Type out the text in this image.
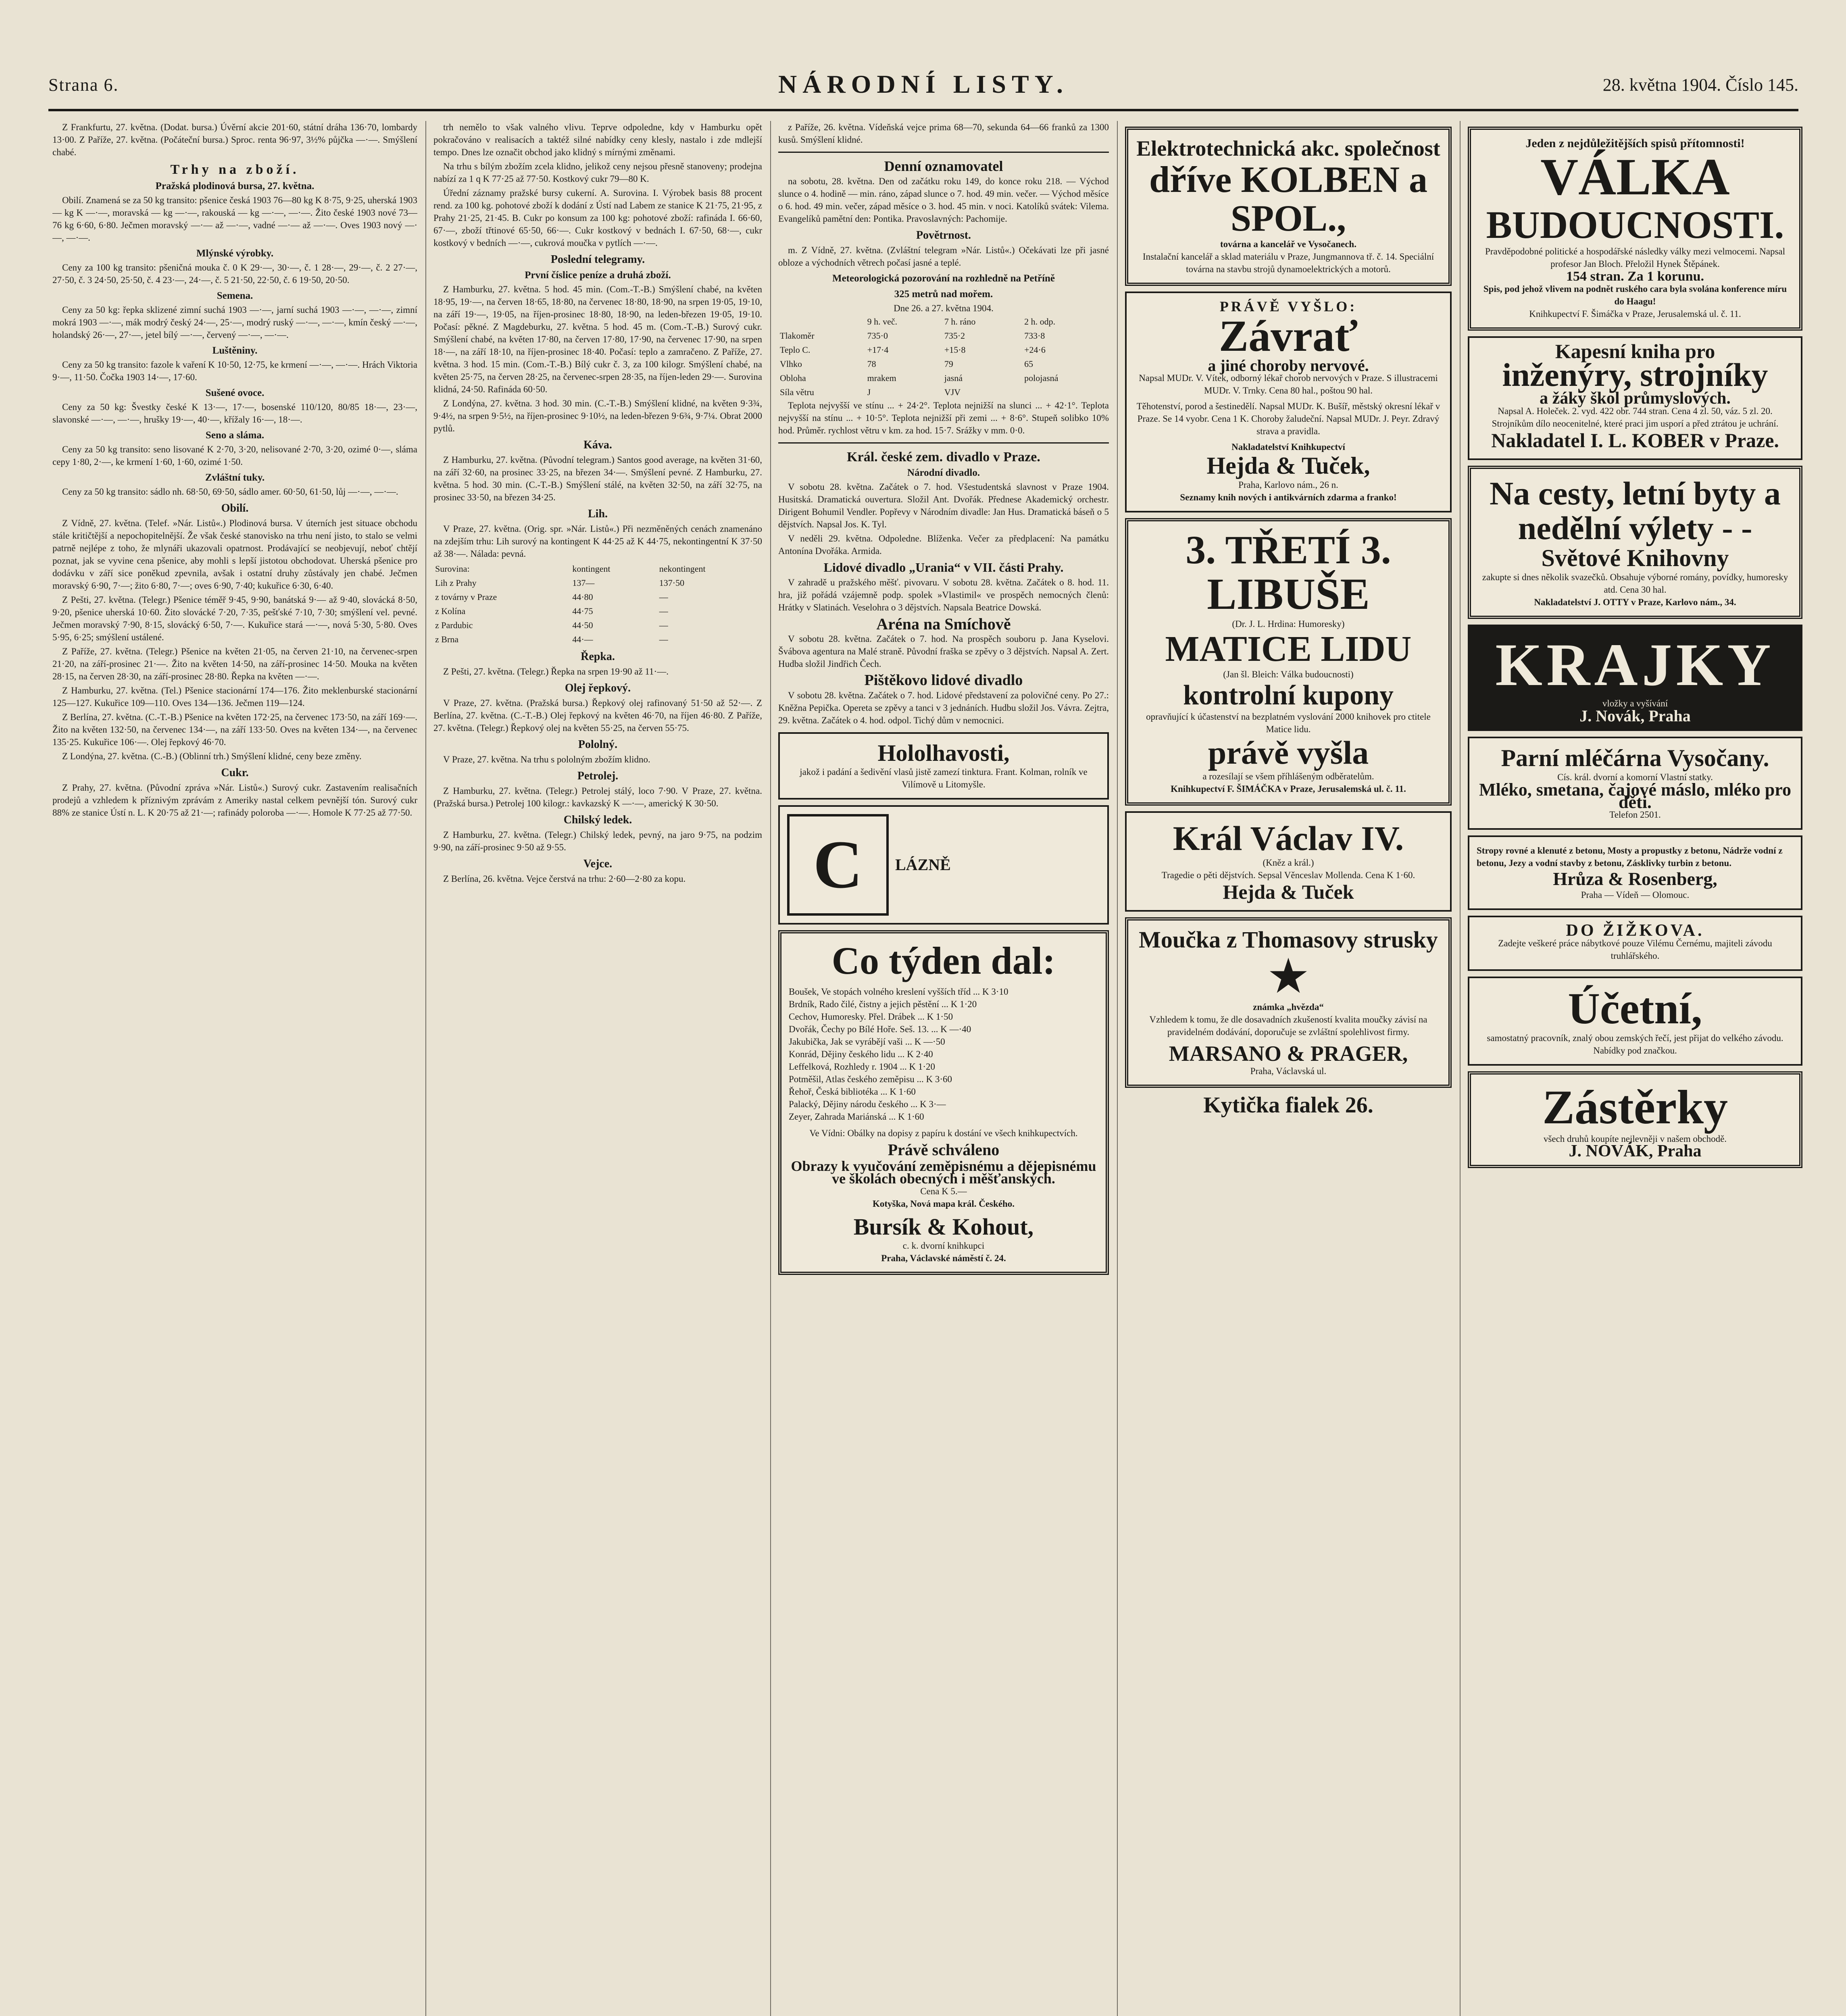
Strana 6.	NÁRODNÍ LISTY.	28. května 1904. Číslo 145.

Z Frankfurtu, 27. května. (Dodat. bursa.) Úvěrní akcie 201·60, státní dráha 136·70, lombardy 13·00. Z Paříže, 27. května. (Počáteční bursa.) Sproc. renta 96·97, 3½% půjčka —·—. Smýšlení chabé.

Trhy na zboží.
Pražská plodinová bursa, 27. května.

Obilí. Znamená se za 50 kg transito: pšenice česká 1903 76—80 kg K 8·75, 9·25, uherská 1903 — kg K —·—, moravská — kg —·—, rakouská — kg —·—, —·—. Žito české 1903 nové 73—76 kg 6·60, 6·80. Ječmen moravský —·— až —·—, vadné —·— až —·—. Oves 1903 nový —·—, —·—.

Mlýnské výrobky.

Ceny za 100 kg transito: pšeničná mouka č. 0 K 29·—, 30·—, č. 1 28·—, 29·—, č. 2 27·—, 27·50, č. 3 24·50, 25·50, č. 4 23·—, 24·—, č. 5 21·50, 22·50, č. 6 19·50, 20·50.

Semena.

Ceny za 50 kg: řepka sklizené zimní suchá 1903 —·—, jarní suchá 1903 —·—, —·—, zimní mokrá 1903 —·—, mák modrý český 24·—, 25·—, modrý ruský —·—, —·—, kmín český —·—, holandský 26·—, 27·—, jetel bílý —·—, červený —·—, —·—.

Luštěniny.

Ceny za 50 kg transito: fazole k vaření K 10·50, 12·75, ke krmení —·—, —·—. Hrách Viktoria 9·—, 11·50. Čočka 1903 14·—, 17·60.

Sušené ovoce.

Ceny za 50 kg: Švestky české K 13·—, 17·—, bosenské 110/120, 80/85 18·—, 23·—, slavonské —·—, —·—, hrušky 19·—, 40·—, křížaly 16·—, 18·—.

Seno a sláma.

Ceny za 50 kg transito: seno lisované K 2·70, 3·20, nelisované 2·70, 3·20, ozimé 0·—, sláma cepy 1·80, 2·—, ke krmení 1·60, 1·60, ozimé 1·50.

Zvláštní tuky.

Ceny za 50 kg transito: sádlo nh. 68·50, 69·50, sádlo amer. 60·50, 61·50, lůj —·—, —·—.

Obilí.

Z Vídně, 27. května. (Telef. »Nár. Listů«.) Plodinová bursa. V úterních jest situace obchodu stále kritičtější a nepochopitelnější. Že však české stanovisko na trhu není jisto, to stalo se velmi patrně nejlépe z toho, že mlynáři ukazovali opatrnost. Prodávající se neobjevují, neboť chtějí poznat, jak se vyvine cena pšenice, aby mohli s lepší jistotou obchodovat. Uherská pšenice pro dodávku v září sice poněkud zpevnila, avšak i ostatní druhy zůstávaly jen chabé. Ječmen moravský 6·90, 7·—; žito 6·80, 7·—; oves 6·90, 7·40; kukuřice 6·30, 6·40.

Z Pešti, 27. května. (Telegr.) Pšenice téměř 9·45, 9·90, banátská 9·— až 9·40, slovácká 8·50, 9·20, pšenice uherská 10·60. Žito slovácké 7·20, 7·35, pešťské 7·10, 7·30; smýšlení vel. pevné. Ječmen moravský 7·90, 8·15, slovácký 6·50, 7·—. Kukuřice stará —·—, nová 5·30, 5·80. Oves 5·95, 6·25; smýšlení ustálené.

Z Paříže, 27. května. (Telegr.) Pšenice na květen 21·05, na červen 21·10, na červenec-srpen 21·20, na září-prosinec 21·—. Žito na květen 14·50, na září-prosinec 14·50. Mouka na květen 28·15, na červen 28·30, na září-prosinec 28·80. Řepka na květen —·—.

Z Hamburku, 27. května. (Tel.) Pšenice stacionární 174—176. Žito meklenburské stacionární 125—127. Kukuřice 109—110. Oves 134—136. Ječmen 119—124.

Z Berlína, 27. května. (C.-T.-B.) Pšenice na květen 172·25, na červenec 173·50, na září 169·—. Žito na květen 132·50, na červenec 134·—, na září 133·50. Oves na květen 134·—, na červenec 135·25. Kukuřice 106·—. Olej řepkový 46·70.

Z Londýna, 27. května. (C.-B.) (Oblinní trh.) Smýšlení klidné, ceny beze změny.

Cukr.

Z Prahy, 27. května. (Původní zpráva »Nár. Listů«.) Surový cukr. Zastavením realisačních prodejů a vzhledem k příznivým zprávám z Ameriky nastal celkem pevnější tón. Surový cukr 88% ze stanice Ústí n. L. K 20·75 až 21·—; rafinády poloroba —·—. Homole K 77·25 až 77·50.

trh nemělo to však valného vlivu. Teprve odpoledne, kdy v Hamburku opět pokračováno v realisacích a taktéž silné nabídky ceny klesly, nastalo i zde mdlejší tempo. Dnes lze označit obchod jako klidný s mírnými změnami.

Na trhu s bílým zbožím zcela klidno, jelikož ceny nejsou přesně stanoveny; prodejna nabízí za 1 q K 77·25 až 77·50. Kostkový cukr 79—80 K.

Úřední záznamy pražské bursy cukerní. A. Surovina. I. Výrobek basis 88 procent rend. za 100 kg. pohotové zboží k dodání z Ústí nad Labem ze stanice K 21·75, 21·95, z Prahy 21·25, 21·45. B. Cukr po konsum za 100 kg: pohotové zboží: rafináda I. 66·60, 67·—, zboží třtinové 65·50, 66·—. Cukr kostkový v bednách I. 67·50, 68·—, cukr kostkový v bedních —·—, cukrová moučka v pytlích —·—.

Poslední telegramy.
První číslice peníze a druhá zboží.

Z Hamburku, 27. května. 5 hod. 45 min. (Com.-T.-B.) Smýšlení chabé, na květen 18·95, 19·—, na červen 18·65, 18·80, na červenec 18·80, 18·90, na srpen 19·05, 19·10, na září 19·—, 19·05, na říjen-prosinec 18·80, 18·90, na leden-březen 19·05, 19·10. Počasí: pěkné. Z Magdeburku, 27. května. 5 hod. 45 m. (Com.-T.-B.) Surový cukr. Smýšlení chabé, na květen 17·80, na červen 17·80, 17·90, na červenec 17·90, na srpen 18·—, na září 18·10, na říjen-prosinec 18·40. Počasí: teplo a zamračeno. Z Paříže, 27. května. 3 hod. 15 min. (Com.-T.-B.) Bílý cukr č. 3, za 100 kilogr. Smýšlení chabé, na květen 25·75, na červen 28·25, na červenec-srpen 28·35, na říjen-leden 29·—. Surovina klidná, 24·50. Rafináda 60·50.

Z Londýna, 27. května. 3 hod. 30 min. (C.-T.-B.) Smýšlení klidné, na květen 9·3¾, 9·4½, na srpen 9·5½, na říjen-prosinec 9·10½, na leden-březen 9·6¾, 9·7¼. Obrat 2000 pytlů.

Káva.

Z Hamburku, 27. května. (Původní telegram.) Santos good average, na květen 31·60, na září 32·60, na prosinec 33·25, na březen 34·—. Smýšlení pevné. Z Hamburku, 27. května. 5 hod. 30 min. (C.-T.-B.) Smýšlení stálé, na květen 32·50, na září 32·75, na prosinec 33·50, na březen 34·25.

Lih.

V Praze, 27. května. (Orig. spr. »Nár. Listů«.) Při nezměněných cenách znamenáno na zdejším trhu: Lih surový na kontingent K 44·25 až K 44·75, nekontingentní K 37·50 až 38·—. Nálada: pevná.

Surovina:	kontingent	nekontingent
Lih z Prahy	137—	137·50
z továrny v Praze	44·80	—
z Kolína	44·75	—
z Pardubic	44·50	—
z Brna	44·—	—
Řepka.

Z Pešti, 27. května. (Telegr.) Řepka na srpen 19·90 až 11·—.

Olej řepkový.

V Praze, 27. května. (Pražská bursa.) Řepkový olej rafinovaný 51·50 až 52·—. Z Berlína, 27. května. (C.-T.-B.) Olej řepkový na květen 46·70, na říjen 46·80. Z Paříže, 27. května. (Telegr.) Řepkový olej na květen 55·25, na červen 55·75.

Pololný.

V Praze, 27. května. Na trhu s pololným zbožím klidno.

Petrolej.

Z Hamburku, 27. května. (Telegr.) Petrolej stálý, loco 7·90. V Praze, 27. května. (Pražská bursa.) Petrolej 100 kilogr.: kavkazský K —·—, americký K 30·50.

Chilský ledek.

Z Hamburku, 27. května. (Telegr.) Chilský ledek, pevný, na jaro 9·75, na podzim 9·90, na září-prosinec 9·50 až 9·55.

Vejce.

Z Berlína, 26. května. Vejce čerstvá na trhu: 2·60—2·80 za kopu.

z Paříže, 26. května. Vídeňská vejce prima 68—70, sekunda 64—66 franků za 1300 kusů. Smýšlení klidné.

Denní oznamovatel

na sobotu, 28. května. Den od začátku roku 149, do konce roku 218. — Východ slunce o 4. hodině — min. ráno, západ slunce o 7. hod. 49 min. večer. — Východ měsíce o 6. hod. 49 min. večer, západ měsíce o 3. hod. 45 min. v noci. Katolíků svátek: Vilema. Evangelíků pamětní den: Pontika. Pravoslavných: Pachomije.

Povětrnost.

m. Z Vídně, 27. května. (Zvláštní telegram »Nár. Listů«.) Očekávati lze při jasné obloze a východních větrech počasí jasné a teplé.

Meteorologická pozorování na rozhledně na Petříně
325 metrů nad mořem.
Dne 26. a 27. května 1904.
	9 h. več.	7 h. ráno	2 h. odp.
Tlakoměr	735·0	735·2	733·8
Teplo C.	+17·4	+15·8	+24·6
Vlhko	78	79	65
Obloha	mrakem	jasná	polojasná
Síla větru	J	VJV	

Teplota nejvyšší ve stínu ... + 24·2°. Teplota nejnižší na slunci ... + 42·1°. Teplota nejvyšší na stínu ... + 10·5°. Teplota nejnižší při zemi ... + 8·6°. Stupeň solibko 10% hod. Průměr. rychlost větru v km. za hod. 15·7. Srážky v mm. 0·0.

Král. české zem. divadlo v Praze.
Národní divadlo.

V sobotu 28. května. Začátek o 7. hod. Všestudentská slavnost v Praze 1904. Husitská. Dramatická ouvertura. Složil Ant. Dvořák. Přednese Akademický orchestr. Dirigent Bohumil Vendler. Popřevy v Národním divadle: Jan Hus. Dramatická báseň o 5 dějstvích. Napsal Jos. K. Tyl.

V neděli 29. května. Odpoledne. Blíženka. Večer za předplacení: Na památku Antonína Dvořáka. Armida.

Lidové divadlo „Urania“ v VII. části Prahy.

V zahradě u pražského měšť. pivovaru. V sobotu 28. května. Začátek o 8. hod. 11. hra, již pořádá vzájemně podp. spolek »Vlastimil« ve prospěch nemocných členů: Hrátky v Slatinách. Veselohra o 3 dějstvích. Napsala Beatrice Dowská.

Aréna na Smíchově

V sobotu 28. května. Začátek o 7. hod. Na prospěch souboru p. Jana Kyselovi. Švábova agentura na Malé straně. Původní fraška se zpěvy o 3 dějstvích. Napsal A. Zert. Hudba složil Jindřich Čech.

Pištěkovo lidové divadlo

V sobotu 28. května. Začátek o 7. hod. Lidové představení za polovičné ceny. Po 27.: Kněžna Pepička. Opereta se zpěvy a tanci v 3 jednáních. Hudbu složil Jos. Vávra. Zejtra, 29. května. Začátek o 4. hod. odpol. Tichý dům v nemocnici.

Hololhavosti,
jakož i padání a šedivění vlasů jistě zamezí tinktura. Frant. Kolman, rolník ve Vilímově u Litomyšle.
C	LÁZNĚ
Co týden dal:
Boušek, Ve stopách volného kreslení vyšších tříd ... K 3·10
Brdník, Rado čilé, čistny a jejich pěstění ... K 1·20
Cechov, Humoresky. Přel. Drábek ... K 1·50
Dvořák, Čechy po Bílé Hoře. Seš. 13. ... K —·40
Jakubička, Jak se vyrábějí vaši ... K —·50
Konrád, Dějiny českého lidu ... K 2·40
Leffelková, Rozhledy r. 1904 ... K 1·20
Potměšil, Atlas českého zeměpisu ... K 3·60
Řehoř, Česká bibliotéka ... K 1·60
Palacký, Dějiny národu českého ... K 3·—
Zeyer, Zahrada Mariánská ... K 1·60
Ve Vídni: Obálky na dopisy z papíru k dostání ve všech knihkupectvích.
Právě schváleno
Obrazy k vyučování zeměpisnému a dějepisnému ve školách obecných i měšťanských.
Cena K 5.—
Kotyška, Nová mapa král. Českého.
Bursík & Kohout,
c. k. dvorní knihkupci
Praha, Václavské náměstí č. 24.
Elektrotechnická akc. společnost
dříve KOLBEN a SPOL.,
továrna a kancelář ve Vysočanech.
Instalační kancelář a sklad materiálu v Praze, Jungmannova tř. č. 14. Speciální továrna na stavbu strojů dynamoelektrických a motorů.
PRÁVĚ VYŠLO:
Závrať
a jiné choroby nervové.
Napsal MUDr. V. Vítek, odborný lékař chorob nervových v Praze. S illustracemi MUDr. V. Trnky. Cena 80 hal., poštou 90 hal.
Těhotenství, porod a šestinedělí. Napsal MUDr. K. Bušíř, městský okresní lékař v Praze. Se 14 vyobr. Cena 1 K. Choroby žaludeční. Napsal MUDr. J. Peyr. Zdravý strava a pravidla.
Nakladatelství Knihkupectví
Hejda & Tuček,
Praha, Karlovo nám., 26 n.
Seznamy knih nových i antikvárních zdarma a franko!
3. TŘETÍ 3.
LIBUŠE
(Dr. J. L. Hrdina: Humoresky)
MATICE LIDU
(Jan šl. Bleich: Válka budoucnosti)
kontrolní kupony
opravňující k účastenství na bezplatném vyslování 2000 knihovek pro ctitele Matice lidu.
právě vyšla
a rozesílají se všem příhlášeným odběratelům.
Knihkupectví F. ŠIMÁČKA v Praze, Jerusalemská ul. č. 11.
Král Václav IV.
(Kněz a král.)
Tragedie o pěti dějstvích. Sepsal Věnceslav Mollenda. Cena K 1·60.
Hejda & Tuček
Moučka z Thomasovy strusky
★
známka „hvězda“
Vzhledem k tomu, že dle dosavadních zkušeností kvalita moučky závisí na pravidelném dodávání, doporučuje se zvláštní spolehlivost firmy.
MARSANO & PRAGER,
Praha, Václavská ul.
Kytička fialek 26.
Jeden z nejdůležitějších spisů přítomnosti!
VÁLKA
BUDOUCNOSTI.
Pravděpodobné politické a hospodářské následky války mezi velmocemi. Napsal profesor Jan Bloch. Přeložil Hynek Štěpánek.
154 stran. Za 1 korunu.
Spis, pod jehož vlivem na podnět ruského cara byla svolána konference míru do Haagu!
Knihkupectví F. Šimáčka v Praze, Jerusalemská ul. č. 11.
Kapesní kniha pro
inženýry, strojníky
a žáky škol průmyslových.
Napsal A. Holeček. 2. vyd. 422 obr. 744 stran. Cena 4 zl. 50, váz. 5 zl. 20. Strojníkům dílo neocenitelné, které praci jim usporí a před ztrátou je uchrání.
Nakladatel I. L. KOBER v Praze.
Na cesty, letní byty a nedělní výlety - -
Světové Knihovny
zakupte si dnes několik svazečků. Obsahuje výborné romány, povídky, humoresky atd. Cena 30 hal.
Nakladatelství J. OTTY v Praze, Karlovo nám., 34.
KRAJKY
vložky a vyšívání
J. Novák, Praha
Parní mléčárna Vysočany.
Cís. král. dvorní a komorní Vlastní statky.
Mléko, smetana, čajové máslo, mléko pro děti.
Telefon 2501.
Stropy rovné a klenuté z betonu, Mosty a propustky z betonu, Nádrže vodní z betonu, Jezy a vodní stavby z betonu, Zásklivky turbin z betonu.
Hrůza & Rosenberg,
Praha — Vídeň — Olomouc.
DO ŽIŽKOVA.
Zadejte veškeré práce nábytkové pouze Vilému Černému, majiteli závodu truhlářského.
Účetní,
samostatný pracovník, znalý obou zemských řečí, jest přijat do velkého závodu. Nabídky pod značkou.
Zástěrky
všech druhů koupíte nejlevněji v našem obchodě.
J. NOVÁK, Praha
